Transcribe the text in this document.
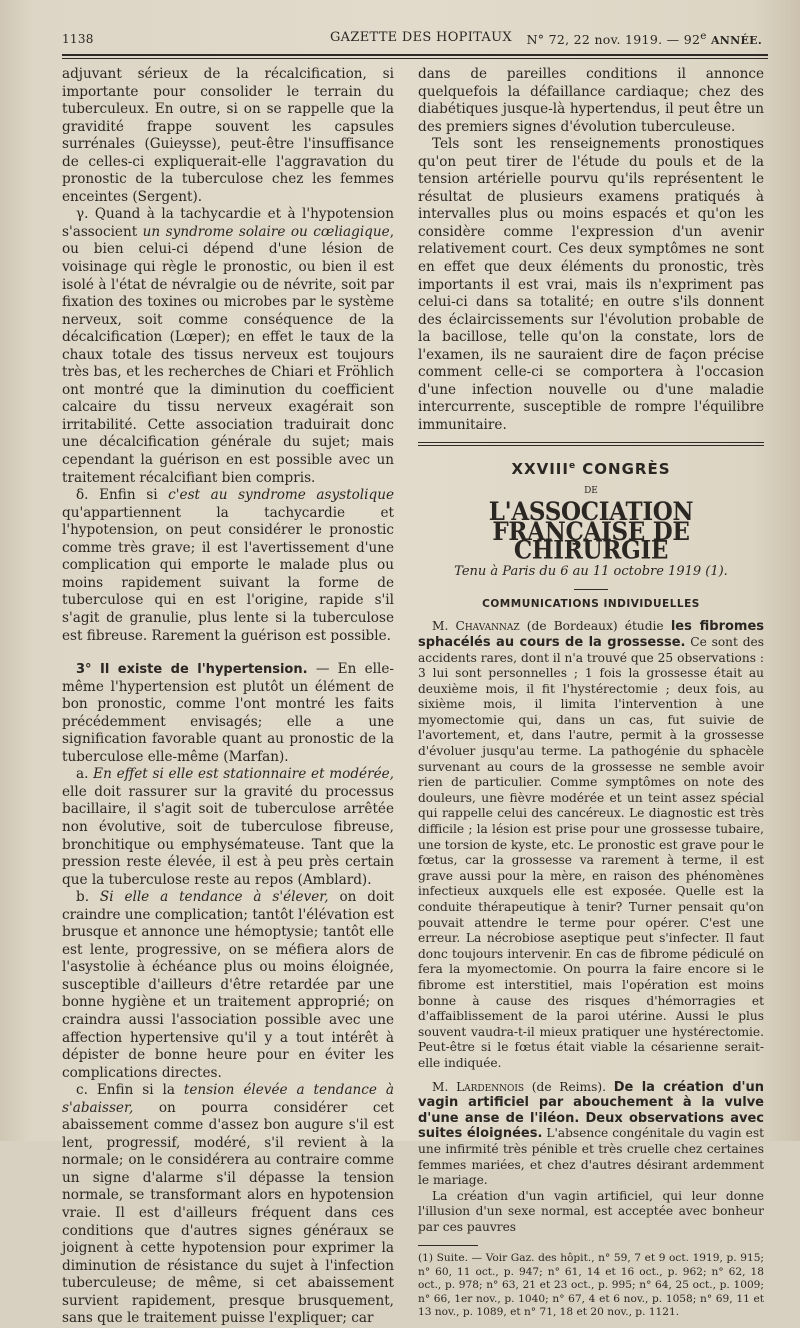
1138	GAZETTE DES HOPITAUX N° 72, 22 nov. 1919. — 92e ANNÉE.

adjuvant sérieux de la récalcification, si importante pour consolider le terrain du tuberculeux. En outre, si on se rappelle que la gravidité frappe souvent les capsules surrénales (Guieysse), peut-être l'insuffisance de celles-ci expliquerait-elle l'aggravation du pronostic de la tuberculose chez les femmes enceintes (Sergent).

γ. Quand à la tachycardie et à l'hypotension s'associent un syndrome solaire ou cœliagique, ou bien celui-ci dépend d'une lésion de voisinage qui règle le pronostic, ou bien il est isolé à l'état de névralgie ou de névrite, soit par fixation des toxines ou microbes par le système nerveux, soit comme conséquence de la décalcification (Lœper); en effet le taux de la chaux totale des tissus nerveux est toujours très bas, et les recherches de Chiari et Fröhlich ont montré que la diminution du coefficient calcaire du tissu nerveux exagérait son irritabilité. Cette association traduirait donc une décalcification générale du sujet; mais cependant la guérison en est possible avec un traitement récalcifiant bien compris.

δ. Enfin si c'est au syndrome asystolique qu'appartiennent la tachycardie et l'hypotension, on peut considérer le pronostic comme très grave; il est l'avertissement d'une complication qui emporte le malade plus ou moins rapidement suivant la forme de tuberculose qui en est l'origine, rapide s'il s'agit de granulie, plus lente si la tuberculose est fibreuse. Rarement la guérison est possible.

3° Il existe de l'hypertension. — En elle-même l'hypertension est plutôt un élément de bon pronostic, comme l'ont montré les faits précédemment envisagés; elle a une signification favorable quant au pronostic de la tuberculose elle-même (Marfan).

a. En effet si elle est stationnaire et modérée, elle doit rassurer sur la gravité du processus bacillaire, il s'agit soit de tuberculose arrêtée non évolutive, soit de tuberculose fibreuse, bronchitique ou emphysémateuse. Tant que la pression reste élevée, il est à peu près certain que la tuberculose reste au repos (Amblard).

b. Si elle a tendance à s'élever, on doit craindre une complication; tantôt l'élévation est brusque et annonce une hémoptysie; tantôt elle est lente, progressive, on se méfiera alors de l'asystolie à échéance plus ou moins éloignée, susceptible d'ailleurs d'être retardée par une bonne hygiène et un traitement approprié; on craindra aussi l'association possible avec une affection hypertensive qu'il y a tout intérêt à dépister de bonne heure pour en éviter les complications directes.

c. Enfin si la tension élevée a tendance à s'abaisser, on pourra considérer cet abaissement comme d'assez bon augure s'il est lent, progressif, modéré, s'il revient à la normale; on le considérera au contraire comme un signe d'alarme s'il dépasse la tension normale, se transformant alors en hypotension vraie. Il est d'ailleurs fréquent dans ces conditions que d'autres signes généraux se joignent à cette hypotension pour exprimer la diminution de résistance du sujet à l'infection tuberculeuse; de même, si cet abaissement survient rapidement, presque brusquement, sans que le traitement puisse l'expliquer; car

dans de pareilles conditions il annonce quelquefois la défaillance cardiaque; chez des diabétiques jusque-là hypertendus, il peut être un des premiers signes d'évolution tuberculeuse.

Tels sont les renseignements pronostiques qu'on peut tirer de l'étude du pouls et de la tension artérielle pourvu qu'ils représentent le résultat de plusieurs examens pratiqués à intervalles plus ou moins espacés et qu'on les considère comme l'expression d'un avenir relativement court. Ces deux symptômes ne sont en effet que deux éléments du pronostic, très importants il est vrai, mais ils n'expriment pas celui-ci dans sa totalité; en outre s'ils donnent des éclaircissements sur l'évolution probable de la bacillose, telle qu'on la constate, lors de l'examen, ils ne sauraient dire de façon précise comment celle-ci se comportera à l'occasion d'une infection nouvelle ou d'une maladie intercurrente, susceptible de rompre l'équilibre immunitaire.

XXVIIIe CONGRÈS
DE
L'ASSOCIATION FRANÇAISE DE CHIRURGIE
Tenu à Paris du 6 au 11 octobre 1919 (1).
COMMUNICATIONS INDIVIDUELLES

M. Chavannaz (de Bordeaux) étudie les fibromes sphacélés au cours de la grossesse. Ce sont des accidents rares, dont il n'a trouvé que 25 observations : 3 lui sont personnelles ; 1 fois la grossesse était au deuxième mois, il fit l'hystérectomie ; deux fois, au sixième mois, il limita l'intervention à une myomectomie qui, dans un cas, fut suivie de l'avortement, et, dans l'autre, permit à la grossesse d'évoluer jusqu'au terme. La pathogénie du sphacèle survenant au cours de la grossesse ne semble avoir rien de particulier. Comme symptômes on note des douleurs, une fièvre modérée et un teint assez spécial qui rappelle celui des cancéreux. Le diagnostic est très difficile ; la lésion est prise pour une grossesse tubaire, une torsion de kyste, etc. Le pronostic est grave pour le fœtus, car la grossesse va rarement à terme, il est grave aussi pour la mère, en raison des phénomènes infectieux auxquels elle est exposée. Quelle est la conduite thérapeutique à tenir? Turner pensait qu'on pouvait attendre le terme pour opérer. C'est une erreur. La nécrobiose aseptique peut s'infecter. Il faut donc toujours intervenir. En cas de fibrome pédiculé on fera la myomectomie. On pourra la faire encore si le fibrome est interstitiel, mais l'opération est moins bonne à cause des risques d'hémorragies et d'affaiblissement de la paroi utérine. Aussi le plus souvent vaudra-t-il mieux pratiquer une hystérectomie. Peut-être si le fœtus était viable la césarienne serait-elle indiquée.

M. Lardennois (de Reims). De la création d'un vagin artificiel par abouchement à la vulve d'une anse de l'iléon. Deux observations avec suites éloignées. L'absence congénitale du vagin est une infirmité très pénible et très cruelle chez certaines femmes mariées, et chez d'autres désirant ardemment le mariage.

La création d'un vagin artificiel, qui leur donne l'illusion d'un sexe normal, est acceptée avec bonheur par ces pauvres

(1) Suite. — Voir Gaz. des hôpit., n° 59, 7 et 9 oct. 1919, p. 915; n° 60, 11 oct., p. 947; n° 61, 14 et 16 oct., p. 962; n° 62, 18 oct., p. 978; n° 63, 21 et 23 oct., p. 995; n° 64, 25 oct., p. 1009; n° 66, 1er nov., p. 1040; n° 67, 4 et 6 nov., p. 1058; n° 69, 11 et 13 nov., p. 1089, et n° 71, 18 et 20 nov., p. 1121.
